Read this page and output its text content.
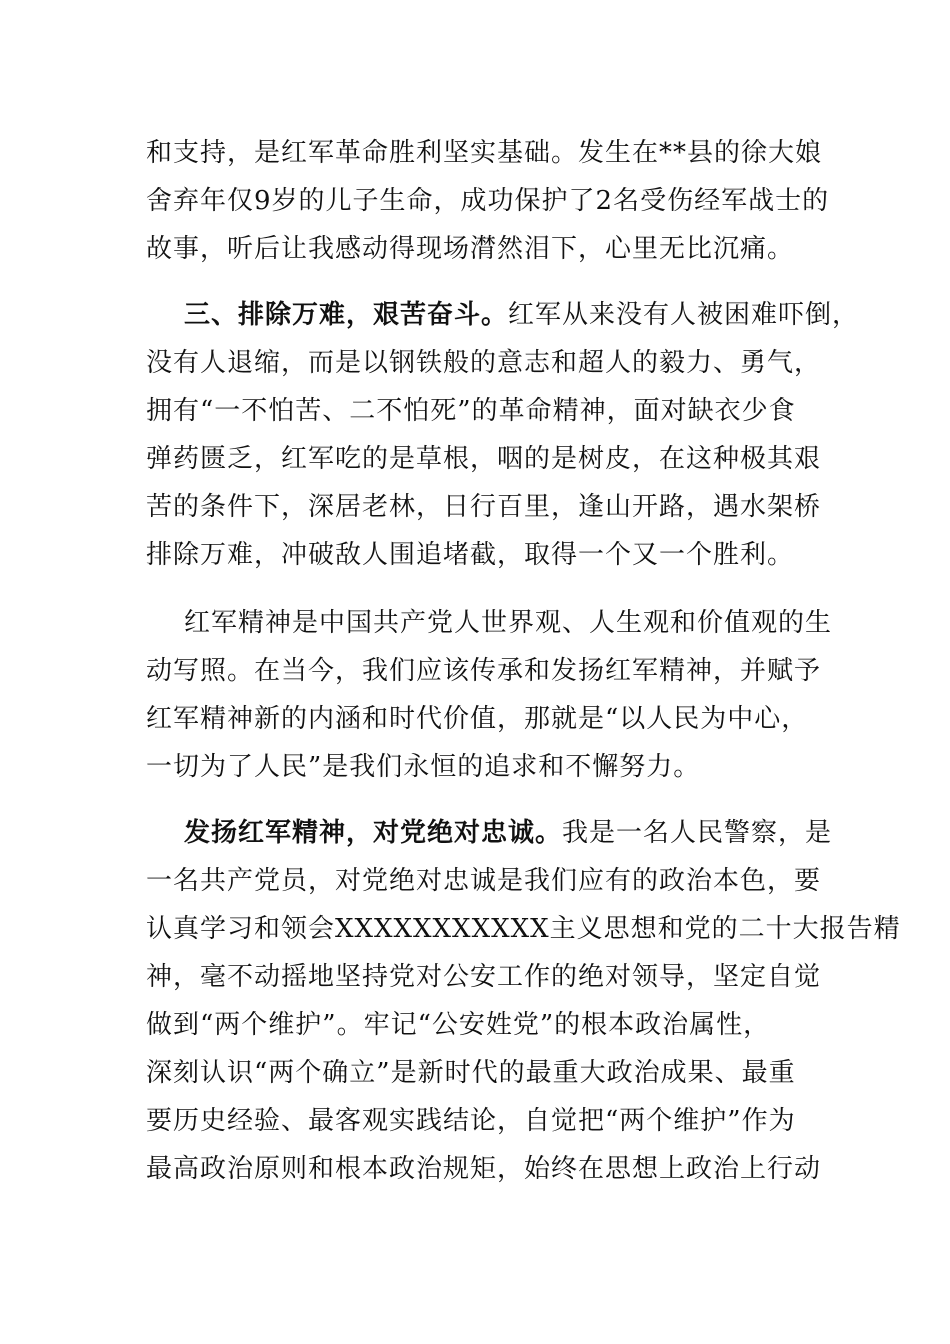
和支持，是红军革命胜利坚实基础。发生在**县的徐大娘
舍弃年仅9岁的儿子生命，成功保护了2名受伤经军战士的
故事，听后让我感动得现场潸然泪下，心里无比沉痛。
三、排除万难，艰苦奋斗。红军从来没有人被困难吓倒，
没有人退缩，而是以钢铁般的意志和超人的毅力、勇气，
拥有“一不怕苦、二不怕死”的革命精神，面对缺衣少食
弹药匮乏，红军吃的是草根，咽的是树皮，在这种极其艰
苦的条件下，深居老林，日行百里，逢山开路，遇水架桥
排除万难，冲破敌人围追堵截，取得一个又一个胜利。
红军精神是中国共产党人世界观、人生观和价值观的生
动写照。在当今，我们应该传承和发扬红军精神，并赋予
红军精神新的内涵和时代价值，那就是“以人民为中心，
一切为了人民”是我们永恒的追求和不懈努力。
发扬红军精神，对党绝对忠诚。我是一名人民警察，是
一名共产党员，对党绝对忠诚是我们应有的政治本色，要
认真学习和领会XXXXXXXXXXX主义思想和党的二十大报告精
神，毫不动摇地坚持党对公安工作的绝对领导，坚定自觉
做到“两个维护”。牢记“公安姓党”的根本政治属性，
深刻认识“两个确立”是新时代的最重大政治成果、最重
要历史经验、最客观实践结论，自觉把“两个维护”作为
最高政治原则和根本政治规矩，始终在思想上政治上行动
